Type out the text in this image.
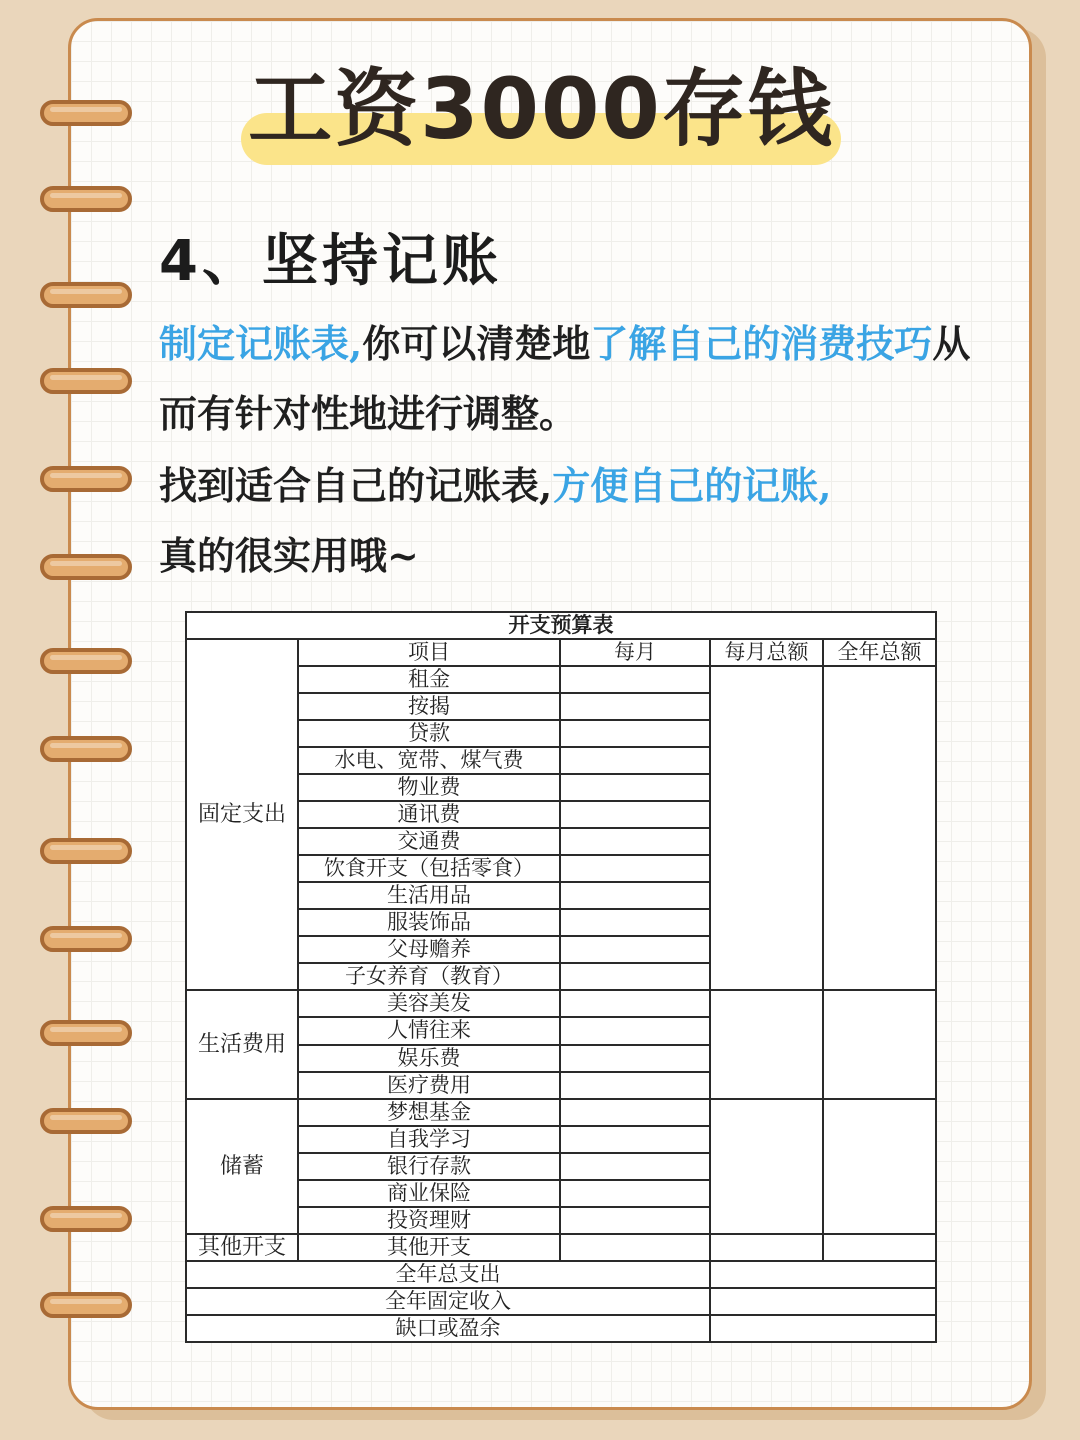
工资3000存钱
4、坚持记账
制定记账表,你可以清楚地了解自己的消费技巧从而有针对性地进行调整。
找到适合自己的记账表,方便自己的记账,
真的很实用哦~
开支预算表				
固定支出	项目	每月	每月总额	全年总额
	租金			
	按揭			
	贷款			
	水电、宽带、煤气费			
	物业费			
	通讯费			
	交通费			
	饮食开支（包括零食）			
	生活用品			
	服装饰品			
	父母赡养			
	子女养育（教育）			
生活费用	美容美发			
	人情往来			
	娱乐费			
	医疗费用			
储蓄	梦想基金			
	自我学习			
	银行存款			
	商业保险			
	投资理财			
其他开支	其他开支			
全年总支出				
全年固定收入				
缺口或盈余				
